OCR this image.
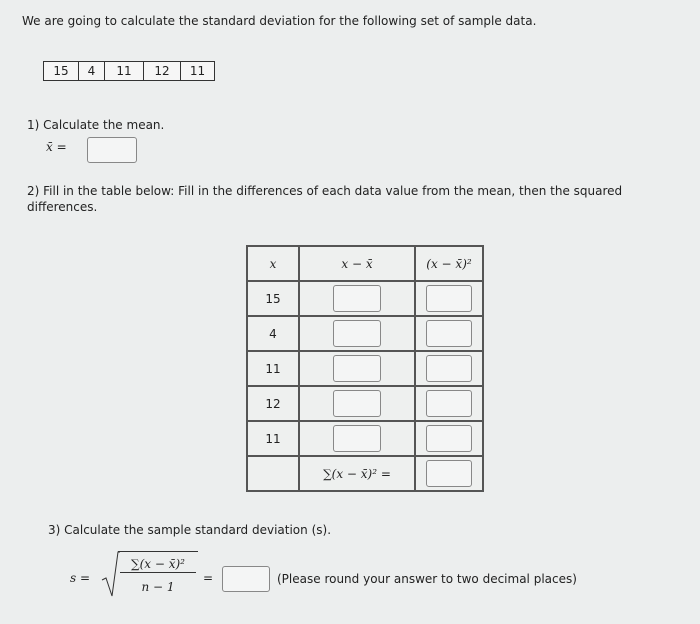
We are going to calculate the standard deviation for the following set of sample data.
15	4	11	12	11
1) Calculate the mean.
x̄ =
2) Fill in the table below: Fill in the differences of each data value from the mean, then the squared differences.
x	x − x̄	(x − x̄)²
15		
4		
11		
12		
11		
	∑(x − x̄)² =	
3) Calculate the sample standard deviation (s).
s =
∑(x − x̄)²
n − 1
=	(Please round your answer to two decimal places)
